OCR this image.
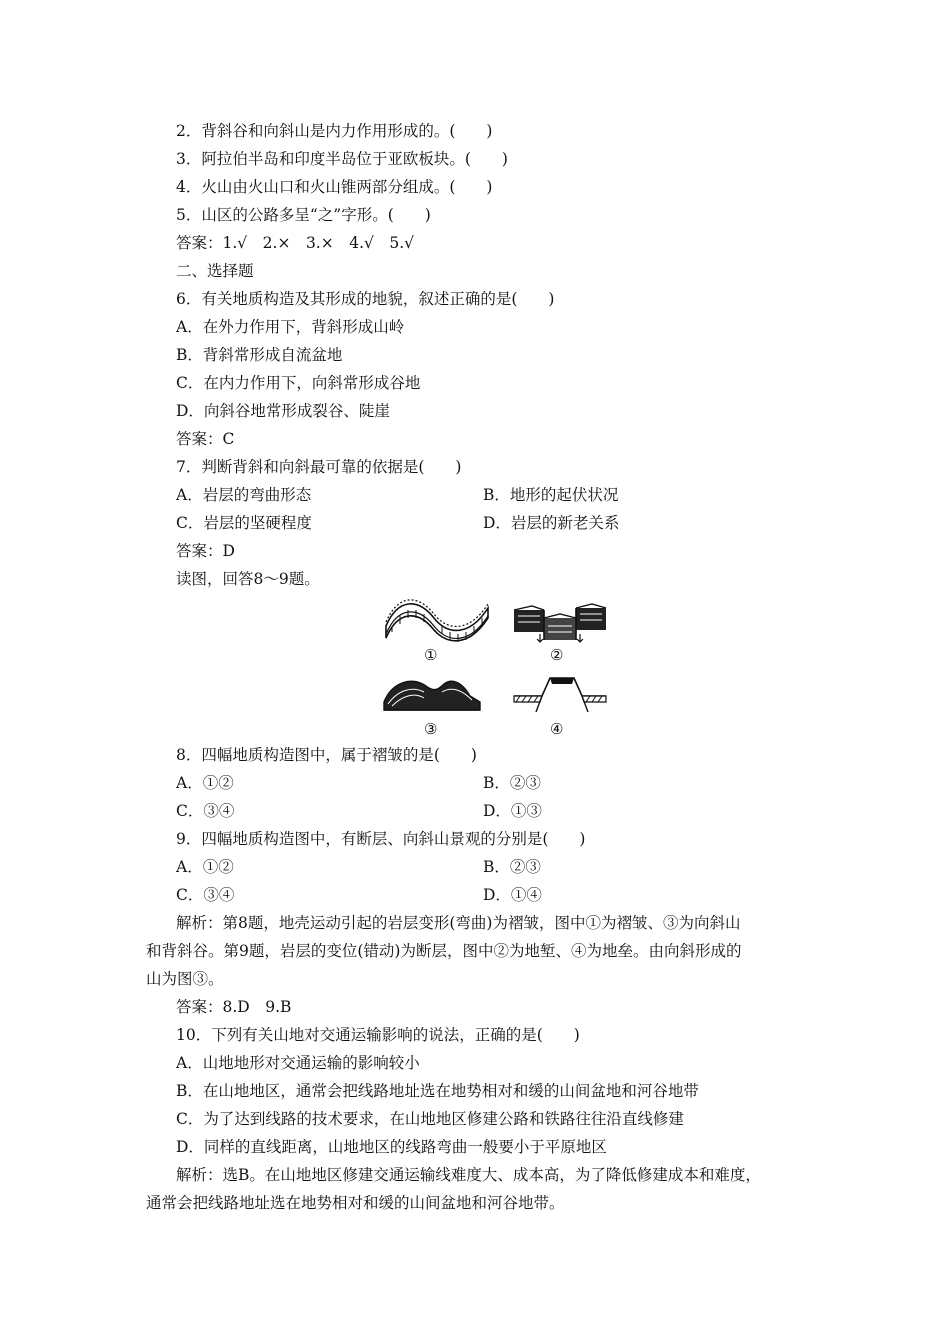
2．背斜谷和向斜山是内力作用形成的。(　　)
3．阿拉伯半岛和印度半岛位于亚欧板块。(　　)
4．火山由火山口和火山锥两部分组成。(　　)
5．山区的公路多呈“之”字形。(　　)
答案：1.√　2.×　3.×　4.√　5.√
二、选择题
6．有关地质构造及其形成的地貌，叙述正确的是(　　)
A．在外力作用下，背斜形成山岭
B．背斜常形成自流盆地
C．在内力作用下，向斜常形成谷地
D．向斜谷地常形成裂谷、陡崖
答案：C
7．判断背斜和向斜最可靠的依据是(　　)
A．岩层的弯曲形态	B．地形的起伏状况
C．岩层的坚硬程度	D．岩层的新老关系
答案：D
读图，回答8～9题。
①	②
③	④
8．四幅地质构造图中，属于褶皱的是(　　)
A．①②	B．②③
C．③④	D．①③
9．四幅地质构造图中，有断层、向斜山景观的分别是(　　)
A．①②	B．②③
C．③④	D．①④
解析：第8题，地壳运动引起的岩层变形(弯曲)为褶皱，图中①为褶皱、③为向斜山
和背斜谷。第9题，岩层的变位(错动)为断层，图中②为地堑、④为地垒。由向斜形成的
山为图③。
答案：8.D　9.B
10．下列有关山地对交通运输影响的说法，正确的是(　　)
A．山地地形对交通运输的影响较小
B．在山地地区，通常会把线路地址选在地势相对和缓的山间盆地和河谷地带
C．为了达到线路的技术要求，在山地地区修建公路和铁路往往沿直线修建
D．同样的直线距离，山地地区的线路弯曲一般要小于平原地区
解析：选B。在山地地区修建交通运输线难度大、成本高，为了降低修建成本和难度，
通常会把线路地址选在地势相对和缓的山间盆地和河谷地带。
